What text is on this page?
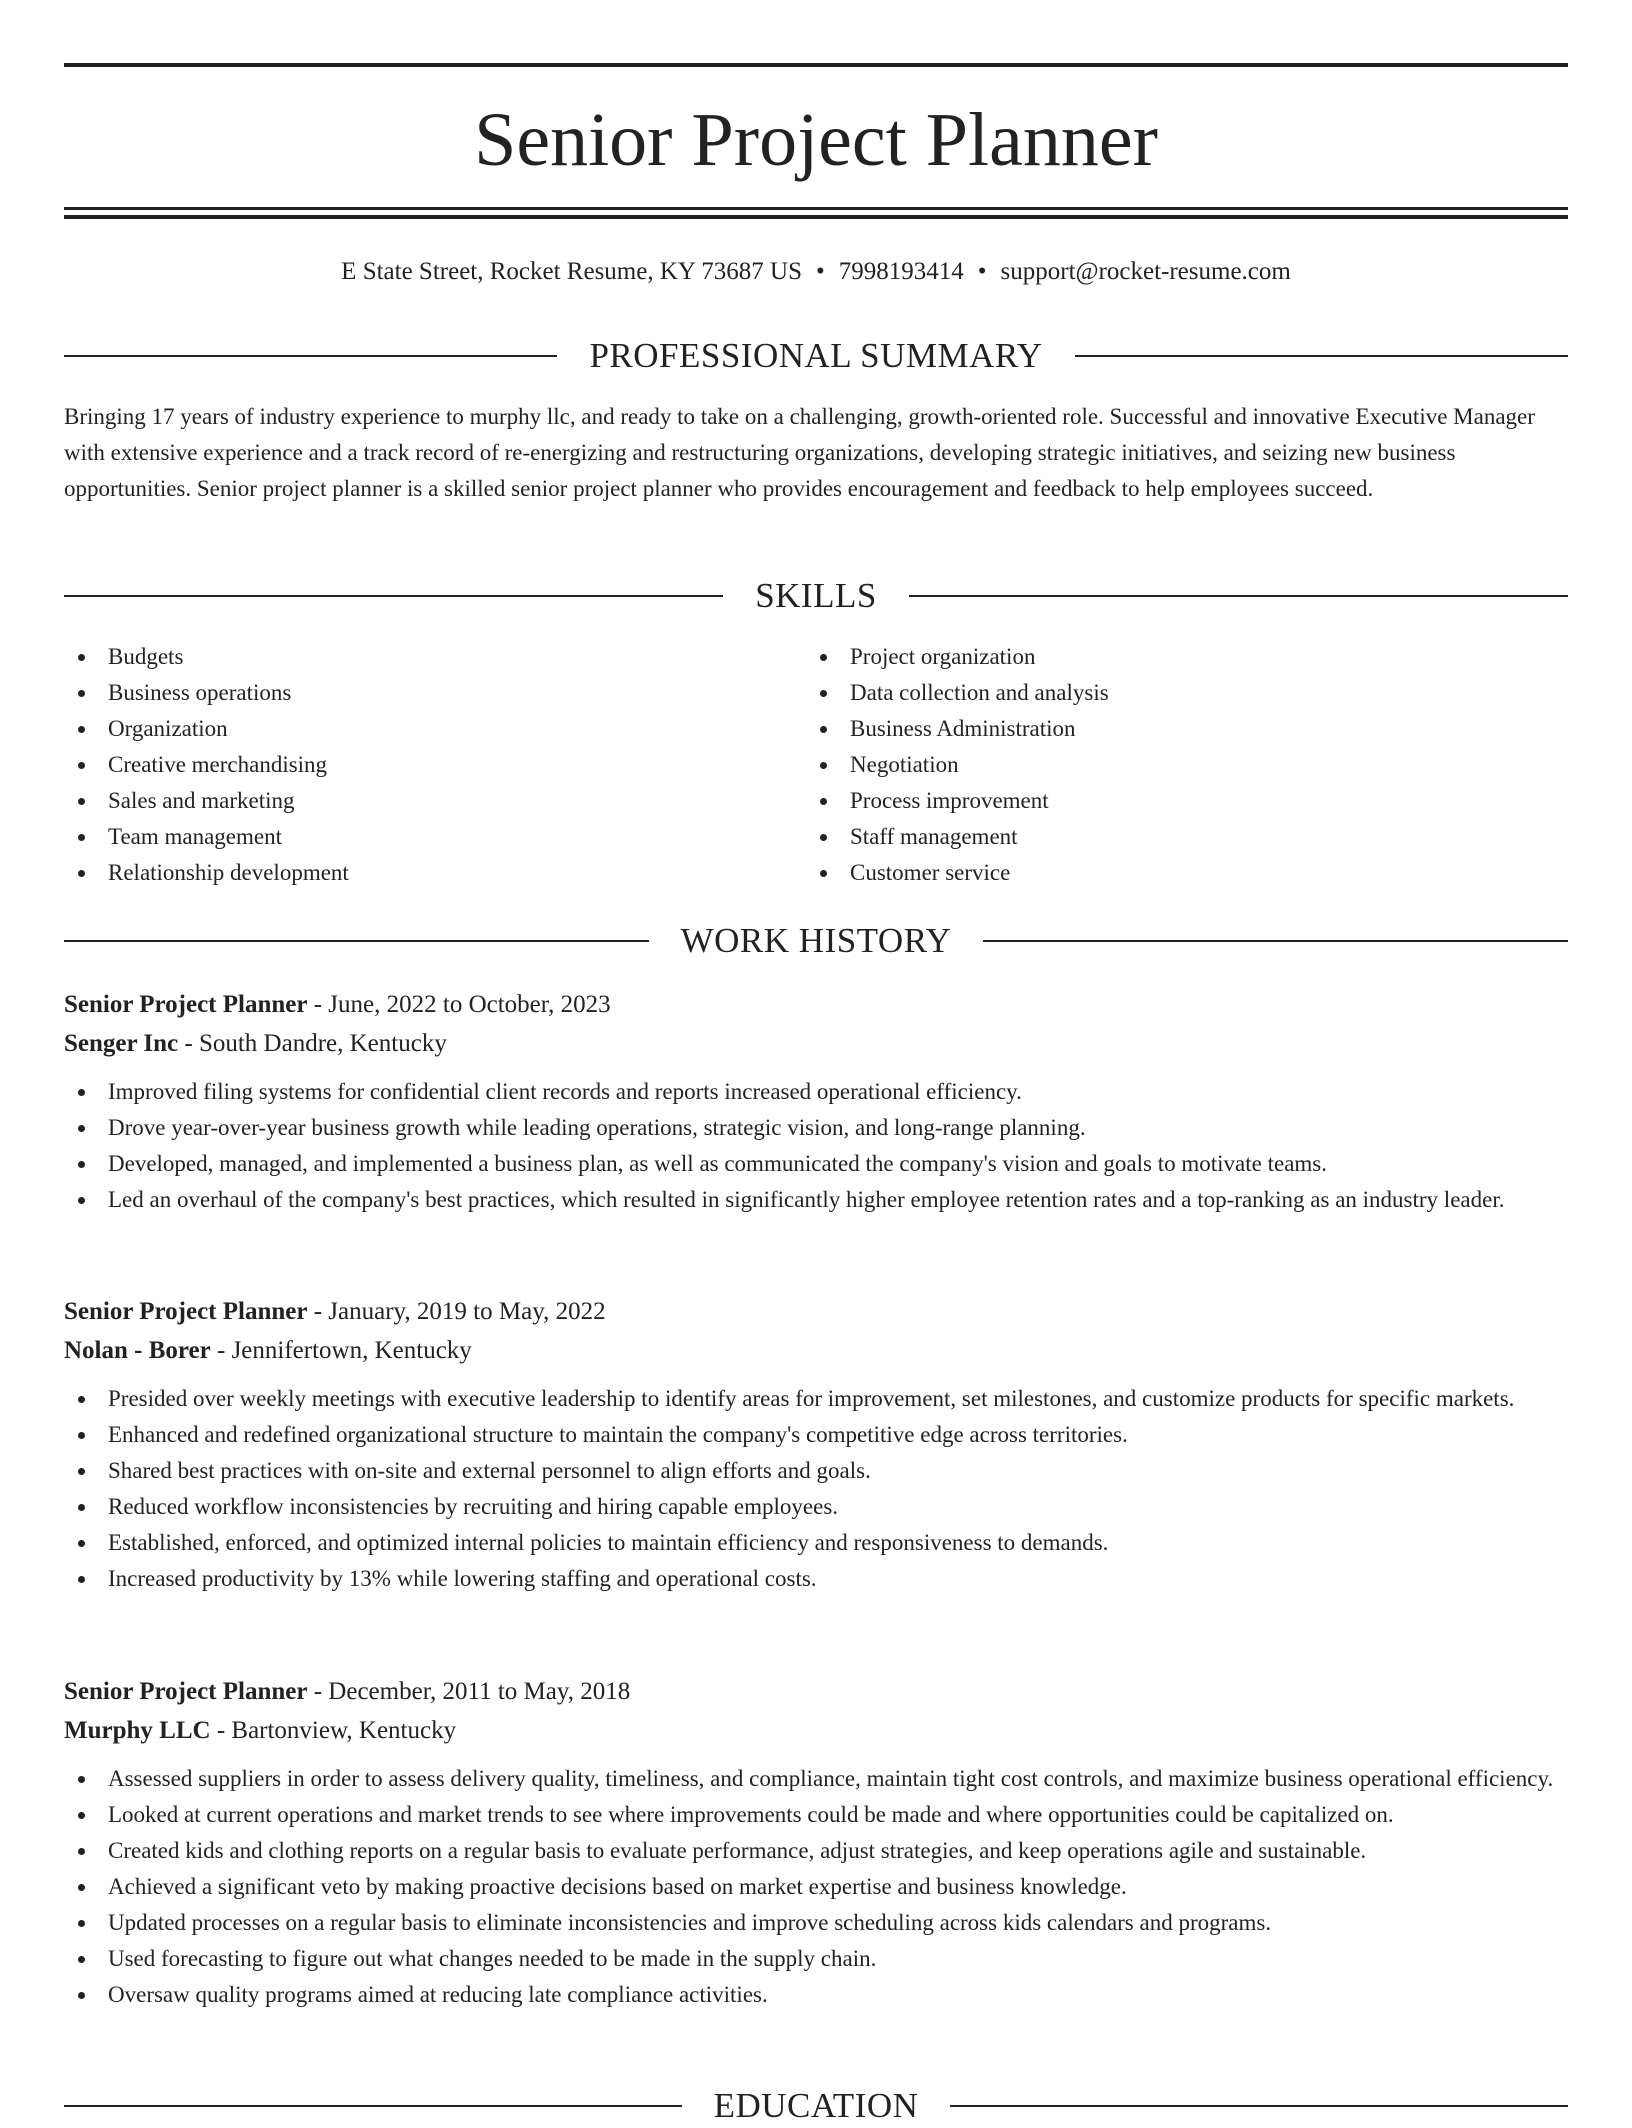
Senior Project Planner
E State Street, Rocket Resume, KY 73687 US • 7998193414 • support@rocket-resume.com
PROFESSIONAL SUMMARY

Bringing 17 years of industry experience to murphy llc, and ready to take on a challenging, growth-oriented role. Successful and innovative Executive Manager with extensive experience and a track record of re-energizing and restructuring organizations, developing strategic initiatives, and seizing new business opportunities. Senior project planner is a skilled senior project planner who provides encouragement and feedback to help employees succeed.

SKILLS
Budgets
Business operations
Organization
Creative merchandising
Sales and marketing
Team management
Relationship development
Project organization
Data collection and analysis
Business Administration
Negotiation
Process improvement
Staff management
Customer service
WORK HISTORY
Senior Project Planner - June, 2022 to October, 2023
Senger Inc - South Dandre, Kentucky
Improved filing systems for confidential client records and reports increased operational efficiency.
Drove year-over-year business growth while leading operations, strategic vision, and long-range planning.
Developed, managed, and implemented a business plan, as well as communicated the company's vision and goals to motivate teams.
Led an overhaul of the company's best practices, which resulted in significantly higher employee retention rates and a top-ranking as an industry leader.
Senior Project Planner - January, 2019 to May, 2022
Nolan - Borer - Jennifertown, Kentucky
Presided over weekly meetings with executive leadership to identify areas for improvement, set milestones, and customize products for specific markets.
Enhanced and redefined organizational structure to maintain the company's competitive edge across territories.
Shared best practices with on-site and external personnel to align efforts and goals.
Reduced workflow inconsistencies by recruiting and hiring capable employees.
Established, enforced, and optimized internal policies to maintain efficiency and responsiveness to demands.
Increased productivity by 13% while lowering staffing and operational costs.
Senior Project Planner - December, 2011 to May, 2018
Murphy LLC - Bartonview, Kentucky
Assessed suppliers in order to assess delivery quality, timeliness, and compliance, maintain tight cost controls, and maximize business operational efficiency.
Looked at current operations and market trends to see where improvements could be made and where opportunities could be capitalized on.
Created kids and clothing reports on a regular basis to evaluate performance, adjust strategies, and keep operations agile and sustainable.
Achieved a significant veto by making proactive decisions based on market expertise and business knowledge.
Updated processes on a regular basis to eliminate inconsistencies and improve scheduling across kids calendars and programs.
Used forecasting to figure out what changes needed to be made in the supply chain.
Oversaw quality programs aimed at reducing late compliance activities.
EDUCATION
